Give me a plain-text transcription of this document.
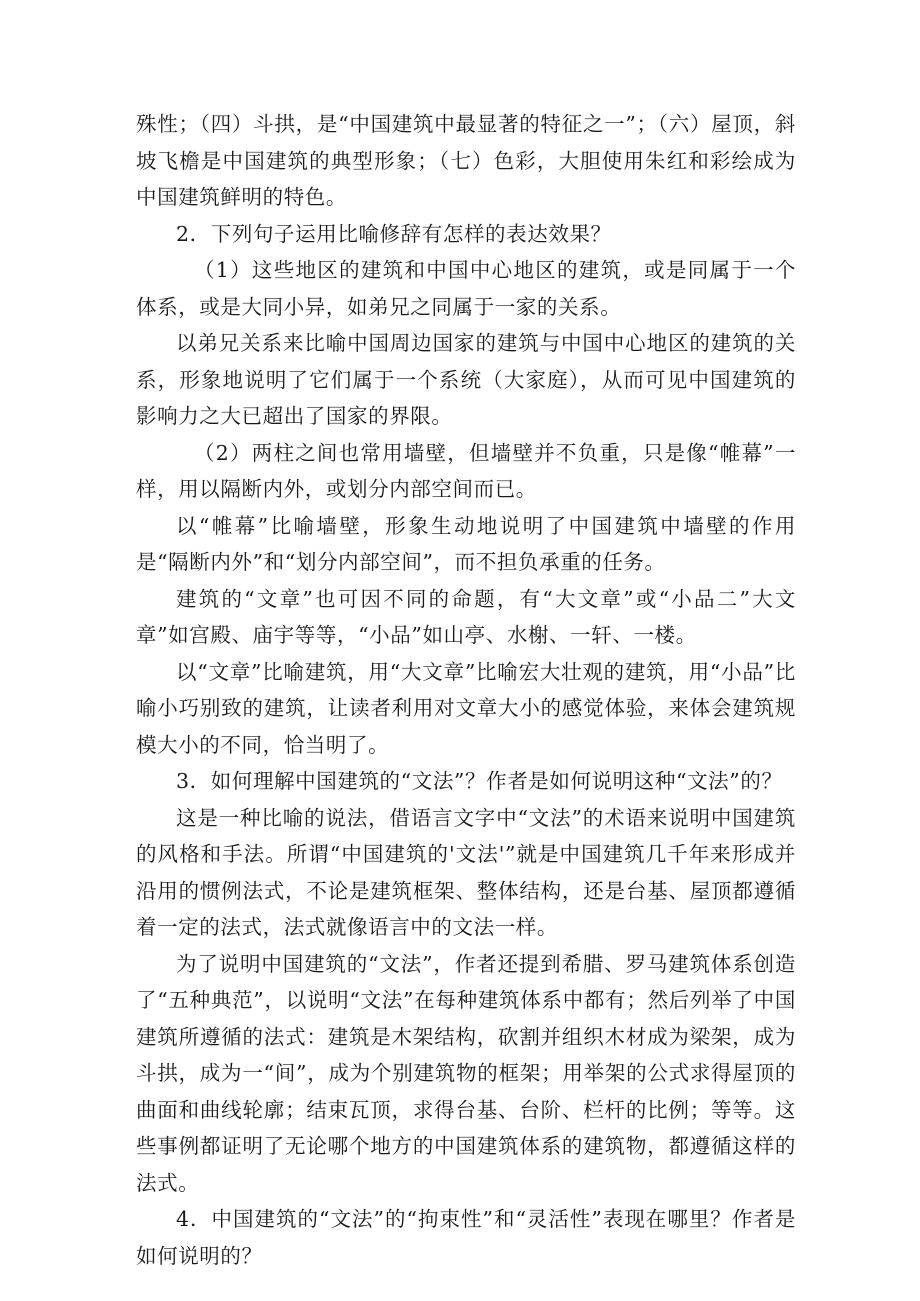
殊性；（四）斗拱，是“中国建筑中最显著的特征之一”；（六）屋顶，斜坡飞檐是中国建筑的典型形象；（七）色彩，大胆使用朱红和彩绘成为中国建筑鲜明的特色。

2．下列句子运用比喻修辞有怎样的表达效果？

（1）这些地区的建筑和中国中心地区的建筑，或是同属于一个体系，或是大同小异，如弟兄之同属于一家的关系。

以弟兄关系来比喻中国周边国家的建筑与中国中心地区的建筑的关系，形象地说明了它们属于一个系统（大家庭），从而可见中国建筑的影响力之大已超出了国家的界限。

（2）两柱之间也常用墙壁，但墙壁并不负重，只是像“帷幕”一样，用以隔断内外，或划分内部空间而已。

以“帷幕”比喻墙壁，形象生动地说明了中国建筑中墙壁的作用是“隔断内外”和“划分内部空间”，而不担负承重的任务。

建筑的“文章”也可因不同的命题，有“大文章”或“小品二”大文章”如宫殿、庙宇等等，“小品”如山亭、水榭、一轩、一楼。

以“文章”比喻建筑，用“大文章”比喻宏大壮观的建筑，用“小品”比喻小巧别致的建筑，让读者利用对文章大小的感觉体验，来体会建筑规模大小的不同，恰当明了。

3．如何理解中国建筑的“文法”？作者是如何说明这种“文法”的？

这是一种比喻的说法，借语言文字中“文法”的术语来说明中国建筑的风格和手法。所谓“中国建筑的'文法'”就是中国建筑几千年来形成并沿用的惯例法式，不论是建筑框架、整体结构，还是台基、屋顶都遵循着一定的法式，法式就像语言中的文法一样。

为了说明中国建筑的“文法”，作者还提到希腊、罗马建筑体系创造了“五种典范”，以说明“文法”在每种建筑体系中都有；然后列举了中国建筑所遵循的法式：建筑是木架结构，砍割并组织木材成为梁架，成为斗拱，成为一“间”，成为个别建筑物的框架；用举架的公式求得屋顶的曲面和曲线轮廓；结束瓦顶，求得台基、台阶、栏杆的比例；等等。这些事例都证明了无论哪个地方的中国建筑体系的建筑物，都遵循这样的法式。

4．中国建筑的“文法”的“拘束性”和“灵活性”表现在哪里？作者是如何说明的？
